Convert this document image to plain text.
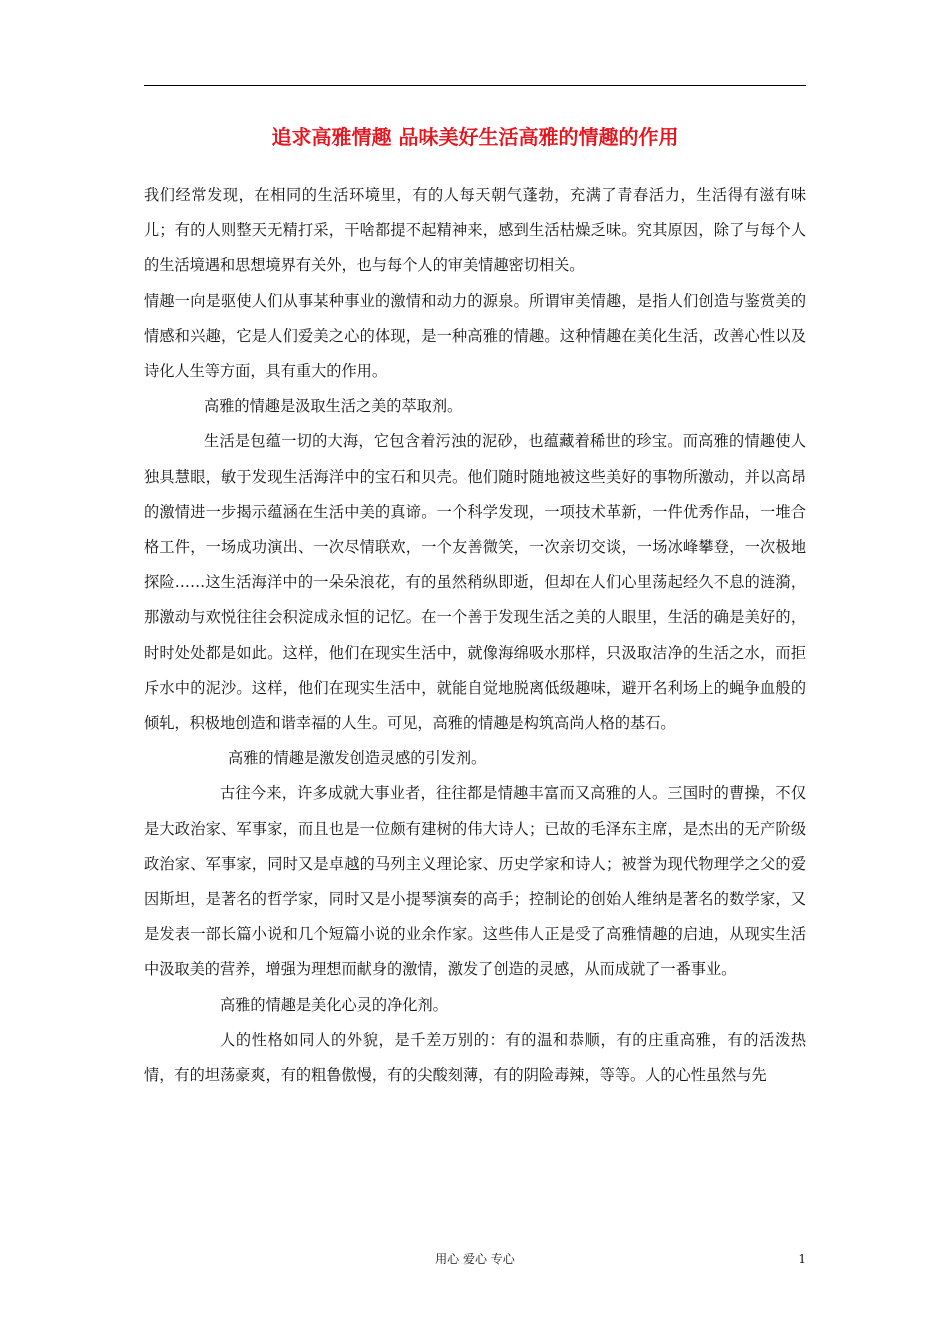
追求高雅情趣 品味美好生活高雅的情趣的作用

我们经常发现，在相同的生活环境里，有的人每天朝气蓬勃，充满了青春活力，生活得有滋有味儿；有的人则整天无精打采，干啥都提不起精神来，感到生活枯燥乏味。究其原因，除了与每个人的生活境遇和思想境界有关外，也与每个人的审美情趣密切相关。

情趣一向是驱使人们从事某种事业的激情和动力的源泉。所谓审美情趣，是指人们创造与鉴赏美的情感和兴趣，它是人们爱美之心的体现，是一种高雅的情趣。这种情趣在美化生活，改善心性以及诗化人生等方面，具有重大的作用。

高雅的情趣是汲取生活之美的萃取剂。

生活是包蕴一切的大海，它包含着污浊的泥砂，也蕴藏着稀世的珍宝。而高雅的情趣使人独具慧眼，敏于发现生活海洋中的宝石和贝壳。他们随时随地被这些美好的事物所激动，并以高昂的激情进一步揭示蕴涵在生活中美的真谛。一个科学发现，一项技术革新，一件优秀作品，一堆合格工件，一场成功演出、一次尽情联欢，一个友善微笑，一次亲切交谈，一场冰峰攀登，一次极地探险……这生活海洋中的一朵朵浪花，有的虽然稍纵即逝，但却在人们心里荡起经久不息的涟漪，那激动与欢悦往往会积淀成永恒的记忆。在一个善于发现生活之美的人眼里，生活的确是美好的，时时处处都是如此。这样，他们在现实生活中，就像海绵吸水那样，只汲取洁净的生活之水，而拒斥水中的泥沙。这样，他们在现实生活中，就能自觉地脱离低级趣味，避开名利场上的蝇争血般的倾轧，积极地创造和谐幸福的人生。可见，高雅的情趣是构筑高尚人格的基石。

高雅的情趣是激发创造灵感的引发剂。

古往今来，许多成就大事业者，往往都是情趣丰富而又高雅的人。三国时的曹操，不仅是大政治家、军事家，而且也是一位颇有建树的伟大诗人；已故的毛泽东主席，是杰出的无产阶级政治家、军事家，同时又是卓越的马列主义理论家、历史学家和诗人；被誉为现代物理学之父的爱因斯坦，是著名的哲学家，同时又是小提琴演奏的高手；控制论的创始人维纳是著名的数学家，又是发表一部长篇小说和几个短篇小说的业余作家。这些伟人正是受了高雅情趣的启迪，从现实生活中汲取美的营养，增强为理想而献身的激情，激发了创造的灵感，从而成就了一番事业。

高雅的情趣是美化心灵的净化剂。

人的性格如同人的外貌，是千差万别的：有的温和恭顺，有的庄重高雅，有的活泼热情，有的坦荡豪爽，有的粗鲁傲慢，有的尖酸刻薄，有的阴险毒辣，等等。人的心性虽然与先

用心 爱心 专心	1
